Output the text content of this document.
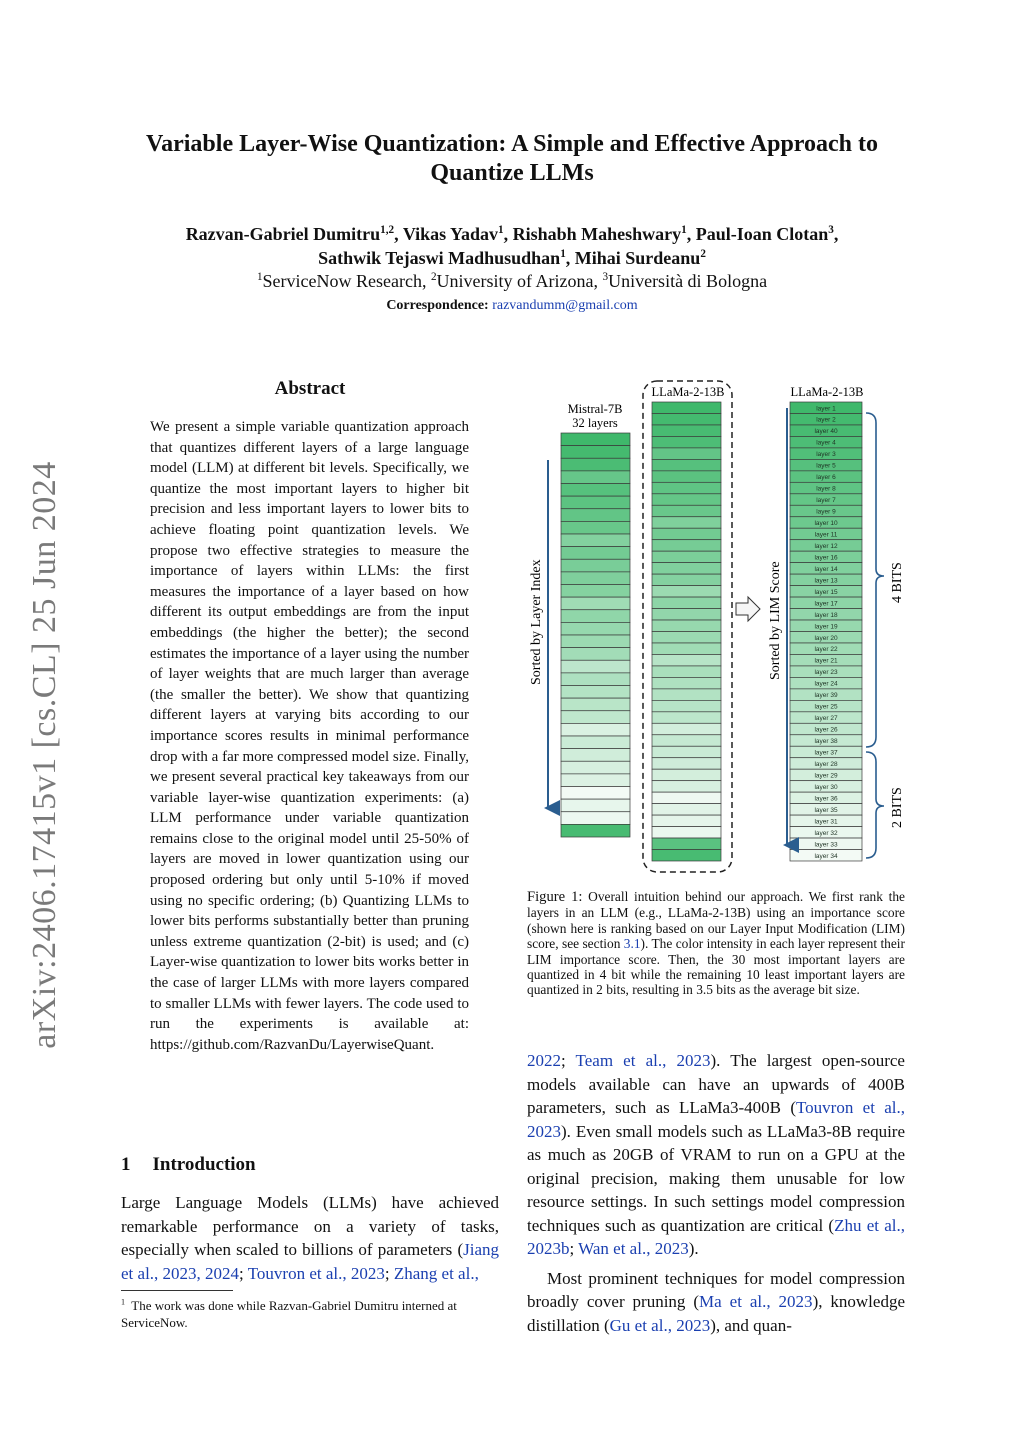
arXiv:2406.17415v1 [cs.CL] 25 Jun 2024
Variable Layer-Wise Quantization: A Simple and Effective Approach to
Quantize LLMs
Razvan-Gabriel Dumitru$^{1,2}$, Vikas Yadav$^1$, Rishabh Maheshwary$^1$, Paul-Ioan Clotan$^3$,
Sathwik Tejaswi Madhusudhan$^1$, Mihai Surdeanu$^2$
$^1$ServiceNow Research, $^2$University of Arizona, $^3$Università di Bologna
Correspondence: razvandumm@gmail.com
Abstract
We present a simple variable quantization approach that quantizes different layers of a large language model (LLM) at different bit levels. Specifically, we quantize the most important layers to higher bit precision and less important layers to lower bits to achieve floating point quantization levels. We propose two effective strategies to measure the importance of layers within LLMs: the first measures the importance of a layer based on how different its output embeddings are from the input embeddings (the higher the better); the second estimates the importance of a layer using the number of layer weights that are much larger than average (the smaller the better). We show that quantizing different layers at varying bits according to our importance scores results in minimal performance drop with a far more compressed model size. Finally, we present several practical key takeaways from our variable layer-wise quantization experiments: (a) LLM performance under variable quantization remains close to the original model until 25-50% of layers are moved in lower quantization using our proposed ordering but only until 5-10% if moved using no specific ordering; (b) Quantizing LLMs to lower bits performs substantially better than pruning unless extreme quantization (2-bit) is used; and (c) Layer-wise quantization to lower bits works better in the case of larger LLMs with more layers compared to smaller LLMs with fewer layers. The code used to run the experiments is available at: https://github.com/RazvanDu/LayerwiseQuant.
1 Introduction
Large Language Models (LLMs) have achieved remarkable performance on a variety of tasks, especially when scaled to billions of parameters (Jiang et al., 2023, 2024; Touvron et al., 2023; Zhang et al.,
$^1$ The work was done while Razvan-Gabriel Dumitru interned at ServiceNow.
Mistral-7B
32 layers
LLaMa-2-13B	LLaMa-2-13B
layer 1
layer 2
layer 40
layer 4
layer 3
layer 5
layer 6
layer 8
layer 7
layer 9
layer 10
layer 11
layer 12
layer 16
layer 14
layer 13
layer 15
layer 17
layer 18
layer 19
layer 20
layer 22
layer 21
layer 23
layer 24
layer 39
layer 25
layer 27
layer 26
layer 38
layer 37
layer 28
layer 29
layer 30
layer 36
layer 35
layer 31
layer 32
layer 33
layer 34
Sorted by Layer Index	Sorted by LIM Score	4 BITS
2 BITS
Figure 1: Overall intuition behind our approach. We first rank the layers in an LLM (e.g., LLaMa-2-13B) using an importance score (shown here is ranking based on our Layer Input Modification (LIM) score, see section 3.1). The color intensity in each layer represent their LIM importance score. Then, the 30 most important layers are quantized in 4 bit while the remaining 10 least important layers are quantized in 2 bits, resulting in 3.5 bits as the average bit size.

2022; Team et al., 2023). The largest open-source models available can have an upwards of 400B parameters, such as LLaMa3-400B (Touvron et al., 2023). Even small models such as LLaMa3-8B require as much as 20GB of VRAM to run on a GPU at the original precision, making them unusable for low resource settings. In such settings model compression techniques such as quantization are critical (Zhu et al., 2023b; Wan et al., 2023).

Most prominent techniques for model compression broadly cover pruning (Ma et al., 2023), knowledge distillation (Gu et al., 2023), and quan-
